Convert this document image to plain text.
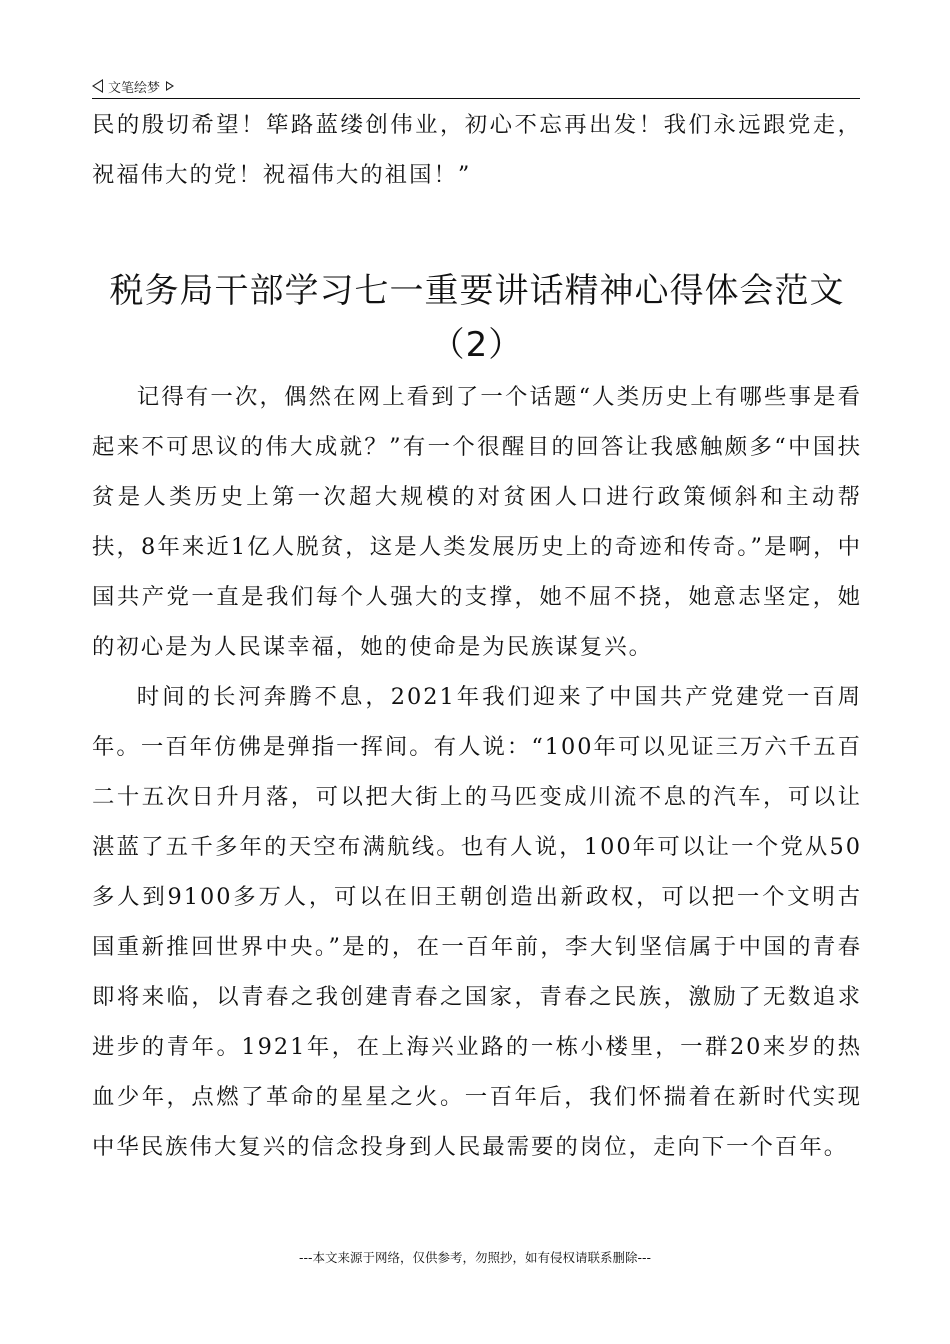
文笔绘梦

民的殷切希望！筚路蓝缕创伟业，初心不忘再出发！我们永远跟党走，祝福伟大的党！祝福伟大的祖国！”

税务局干部学习七一重要讲话精神心得体会范文
（2）

记得有一次，偶然在网上看到了一个话题“人类历史上有哪些事是看起来不可思议的伟大成就？”有一个很醒目的回答让我感触颇多“中国扶贫是人类历史上第一次超大规模的对贫困人口进行政策倾斜和主动帮扶，8年来近1亿人脱贫，这是人类发展历史上的奇迹和传奇。”是啊，中国共产党一直是我们每个人强大的支撑，她不屈不挠，她意志坚定，她的初心是为人民谋幸福，她的使命是为民族谋复兴。

时间的长河奔腾不息，2021年我们迎来了中国共产党建党一百周年。一百年仿佛是弹指一挥间。有人说：“100年可以见证三万六千五百二十五次日升月落，可以把大街上的马匹变成川流不息的汽车，可以让湛蓝了五千多年的天空布满航线。也有人说，100年可以让一个党从50多人到9100多万人，可以在旧王朝创造出新政权，可以把一个文明古国重新推回世界中央。”是的，在一百年前，李大钊坚信属于中国的青春即将来临，以青春之我创建青春之国家，青春之民族，激励了无数追求进步的青年。1921年，在上海兴业路的一栋小楼里，一群20来岁的热血少年，点燃了革命的星星之火。一百年后，我们怀揣着在新时代实现中华民族伟大复兴的信念投身到人民最需要的岗位，走向下一个百年。

---本文来源于网络，仅供参考，勿照抄，如有侵权请联系删除---
